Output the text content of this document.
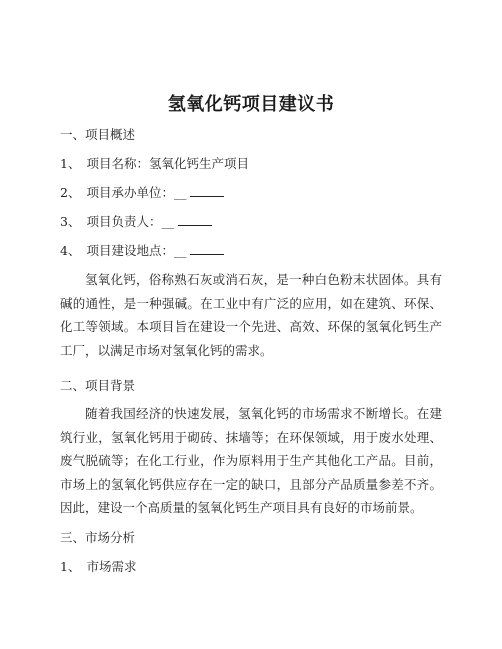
氢氧化钙项目建议书
一、项目概述
1、 项目名称：氢氧化钙生产项目
2、 项目承办单位：__
3、 项目负责人：__
4、 项目建设地点：__
氢氧化钙，俗称熟石灰或消石灰，是一种白色粉末状固体。具有碱的通性，是一种强碱。在工业中有广泛的应用，如在建筑、环保、化工等领域。本项目旨在建设一个先进、高效、环保的氢氧化钙生产工厂，以满足市场对氢氧化钙的需求。
二、项目背景
随着我国经济的快速发展，氢氧化钙的市场需求不断增长。在建筑行业，氢氧化钙用于砌砖、抹墙等；在环保领域，用于废水处理、废气脱硫等；在化工行业，作为原料用于生产其他化工产品。目前，市场上的氢氧化钙供应存在一定的缺口，且部分产品质量参差不齐。因此，建设一个高质量的氢氧化钙生产项目具有良好的市场前景。
三、市场分析
1、 市场需求
